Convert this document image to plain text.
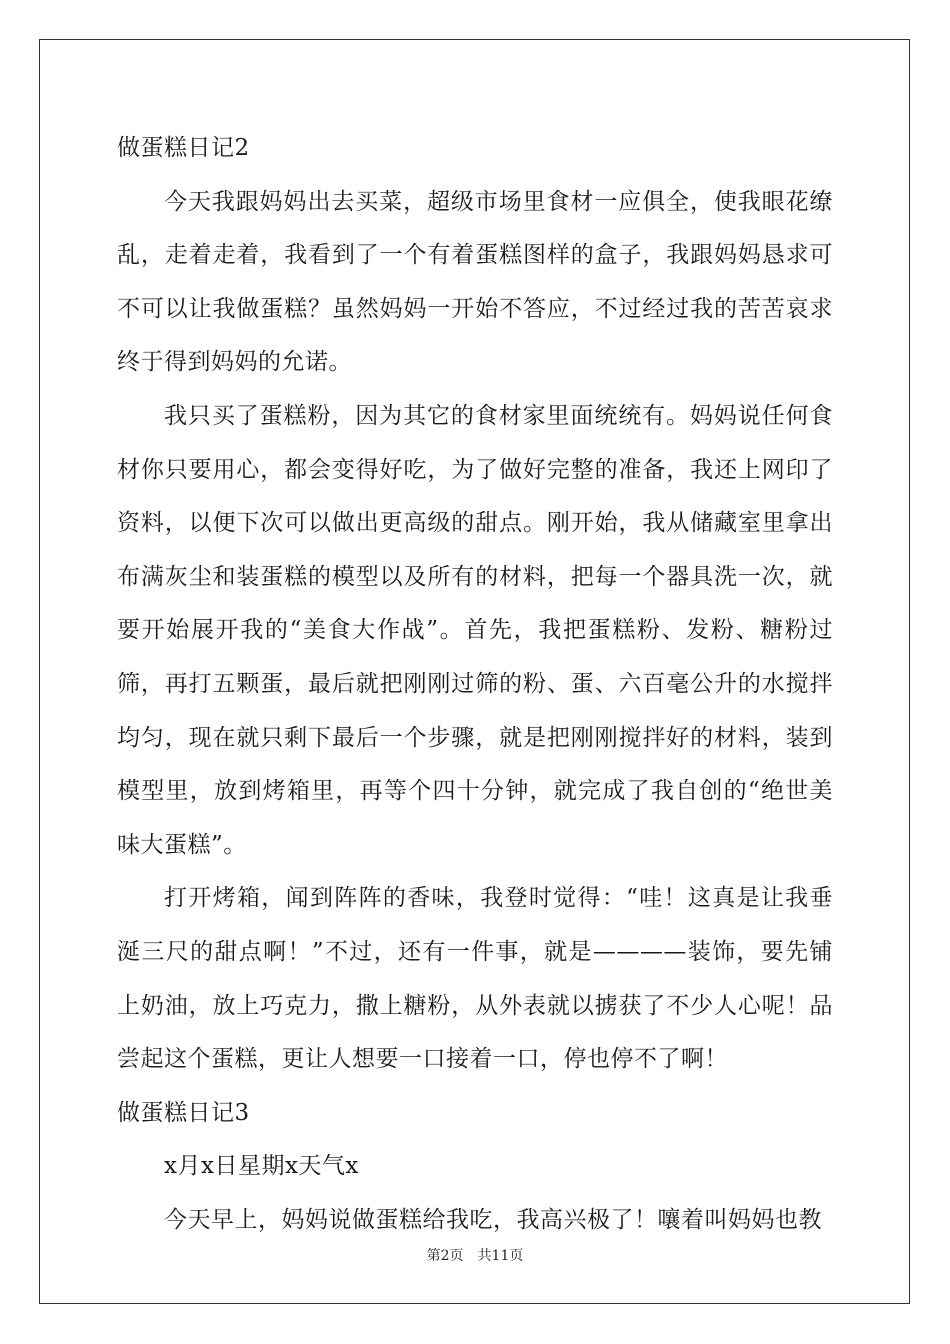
做蛋糕日记2

今天我跟妈妈出去买菜，超级市场里食材一应俱全，使我眼花缭乱，走着走着，我看到了一个有着蛋糕图样的盒子，我跟妈妈恳求可不可以让我做蛋糕？虽然妈妈一开始不答应，不过经过我的苦苦哀求终于得到妈妈的允诺。

我只买了蛋糕粉，因为其它的食材家里面统统有。妈妈说任何食材你只要用心，都会变得好吃，为了做好完整的准备，我还上网印了资料，以便下次可以做出更高级的甜点。刚开始，我从储藏室里拿出布满灰尘和装蛋糕的模型以及所有的材料，把每一个器具洗一次，就要开始展开我的“美食大作战”。首先，我把蛋糕粉、发粉、糖粉过筛，再打五颗蛋，最后就把刚刚过筛的粉、蛋、六百毫公升的水搅拌均匀，现在就只剩下最后一个步骤，就是把刚刚搅拌好的材料，装到模型里，放到烤箱里，再等个四十分钟，就完成了我自创的“绝世美味大蛋糕”。

打开烤箱，闻到阵阵的香味，我登时觉得：“哇！这真是让我垂涎三尺的甜点啊！”不过，还有一件事，就是————装饰，要先铺上奶油，放上巧克力，撒上糖粉，从外表就以掳获了不少人心呢！品尝起这个蛋糕，更让人想要一口接着一口，停也停不了啊！

做蛋糕日记3

x月x日星期x天气x

今天早上，妈妈说做蛋糕给我吃，我高兴极了！嚷着叫妈妈也教

第2页 共11页
